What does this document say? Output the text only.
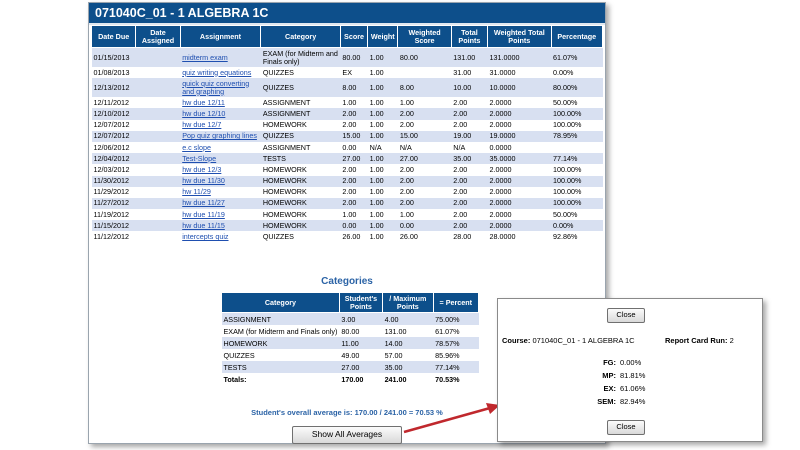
071040C_01 - 1 ALGEBRA 1C
Date Due	Date Assigned	Assignment	Category	Score	Weight	Weighted Score	Total Points	Weighted Total Points	Percentage
01/15/2013		midterm exam	EXAM (for Midterm and Finals only)	80.00	1.00	80.00	131.00	131.0000	61.07%
01/08/2013		quiz writing equations	QUIZZES	EX	1.00		31.00	31.0000	0.00%
12/13/2012		quick quiz converting and graphing	QUIZZES	8.00	1.00	8.00	10.00	10.0000	80.00%
12/11/2012		hw due 12/11	ASSIGNMENT	1.00	1.00	1.00	2.00	2.0000	50.00%
12/10/2012		hw due 12/10	ASSIGNMENT	2.00	1.00	2.00	2.00	2.0000	100.00%
12/07/2012		hw due 12/7	HOMEWORK	2.00	1.00	2.00	2.00	2.0000	100.00%
12/07/2012		Pop quiz graphing lines	QUIZZES	15.00	1.00	15.00	19.00	19.0000	78.95%
12/06/2012		e.c slope	ASSIGNMENT	0.00	N/A	N/A	N/A	0.0000	
12/04/2012		Test-Slope	TESTS	27.00	1.00	27.00	35.00	35.0000	77.14%
12/03/2012		hw due 12/3	HOMEWORK	2.00	1.00	2.00	2.00	2.0000	100.00%
11/30/2012		hw due 11/30	HOMEWORK	2.00	1.00	2.00	2.00	2.0000	100.00%
11/29/2012		hw 11/29	HOMEWORK	2.00	1.00	2.00	2.00	2.0000	100.00%
11/27/2012		hw due 11/27	HOMEWORK	2.00	1.00	2.00	2.00	2.0000	100.00%
11/19/2012		hw due 11/19	HOMEWORK	1.00	1.00	1.00	2.00	2.0000	50.00%
11/15/2012		hw due 11/15	HOMEWORK	0.00	1.00	0.00	2.00	2.0000	0.00%
11/12/2012		intercepts quiz	QUIZZES	26.00	1.00	26.00	28.00	28.0000	92.86%
Categories
Category	Student's Points	/ Maximum Points	= Percent
ASSIGNMENT	3.00	4.00	75.00%
EXAM (for Midterm and Finals only)	80.00	131.00	61.07%
HOMEWORK	11.00	14.00	78.57%
QUIZZES	49.00	57.00	85.96%
TESTS	27.00	35.00	77.14%
Totals:	170.00	241.00	70.53%
Student's overall average is: 170.00 / 241.00 = 70.53 %
Show All Averages
Close
Course: 071040C_01 - 1 ALGEBRA 1C	Report Card Run: 2
FG: 0.00%
MP: 81.81%
EX: 61.06%
SEM: 82.94%
Close
